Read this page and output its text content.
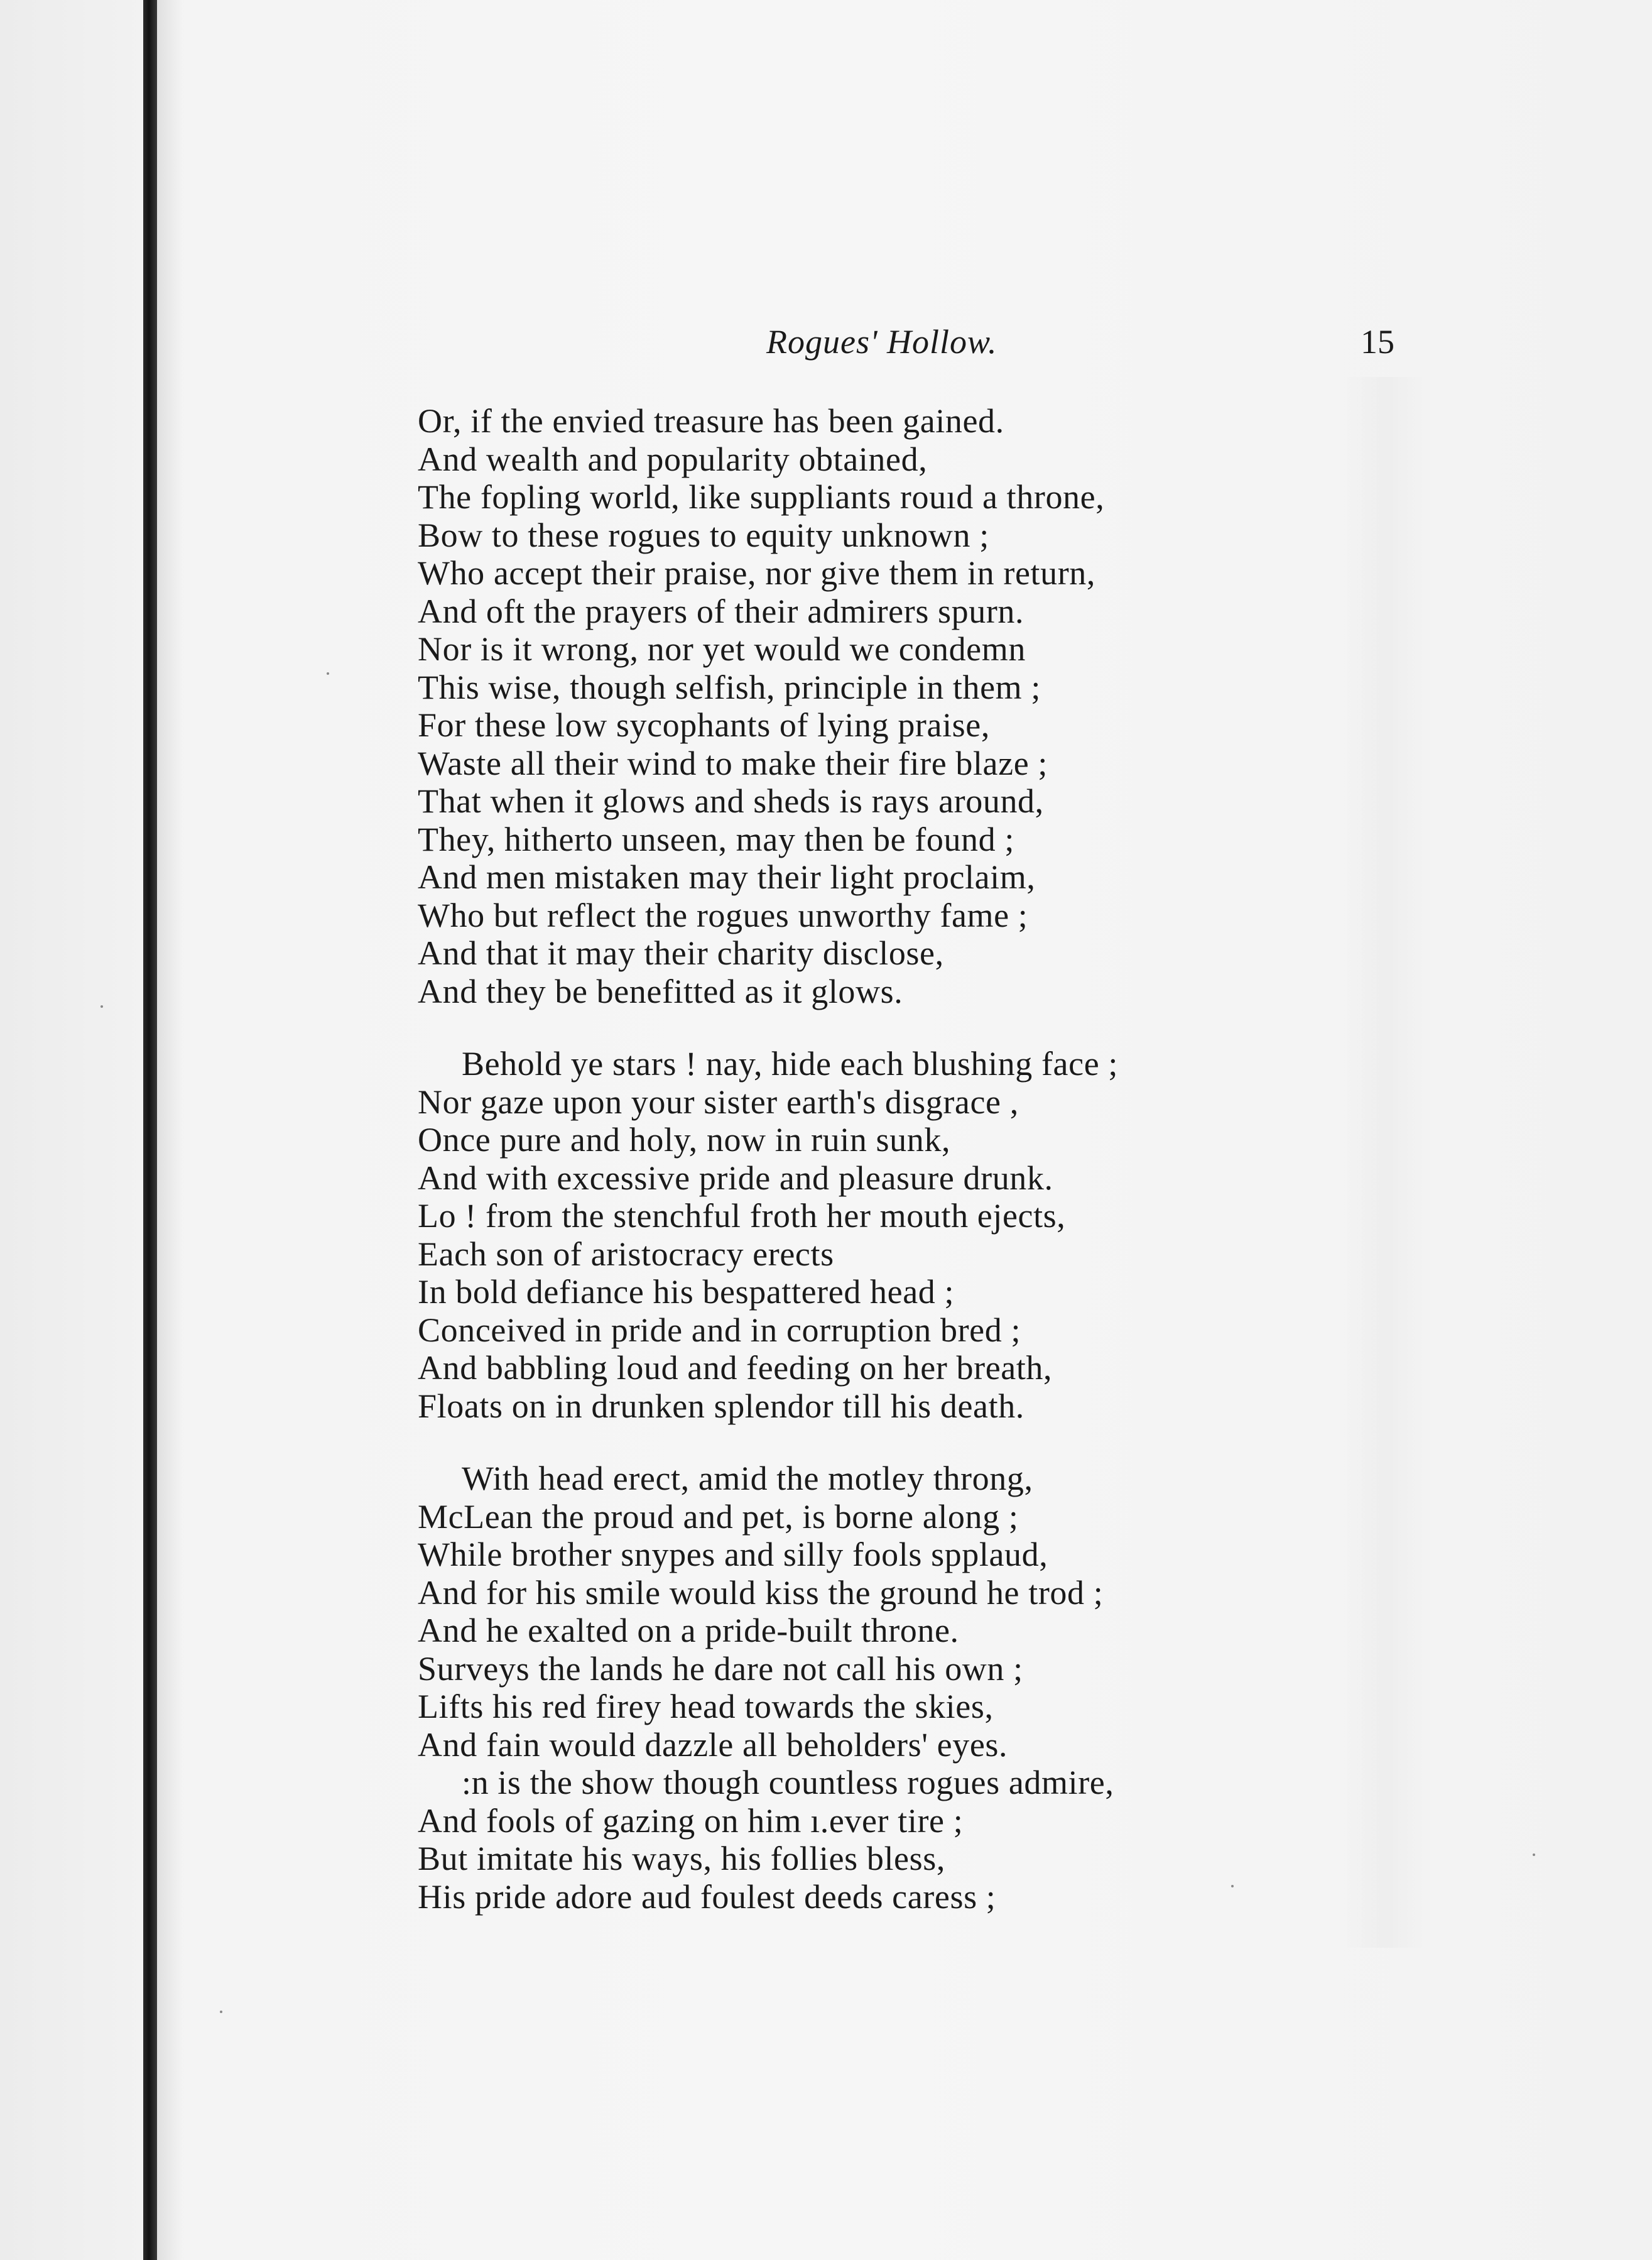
Rogues' Hollow.	15
Or, if the envied treasure has been gained.
And wealth and popularity obtained,
The fopling world, like suppliants rouıd a throne,
Bow to these rogues to equity unknown ;
Who accept their praise, nor give them in return,
And oft the prayers of their admirers spurn.
Nor is it wrong, nor yet would we condemn
This wise, though selfish, principle in them ;
For these low sycophants of lying praise,
Waste all their wind to make their fire blaze ;
That when it glows and sheds is rays around,
They, hitherto unseen, may then be found ;
And men mistaken may their light proclaim,
Who but reflect the rogues unworthy fame ;
And that it may their charity disclose,
And they be benefitted as it glows.
Behold ye stars ! nay, hide each blushing face ;
Nor gaze upon your sister earth's disgrace ,
Once pure and holy, now in ruin sunk,
And with excessive pride and pleasure drunk.
Lo ! from the stenchful froth her mouth ejects,
Each son of aristocracy erects
In bold defiance his bespattered head ;
Conceived in pride and in corruption bred ;
And babbling loud and feeding on her breath,
Floats on in drunken splendor till his death.
With head erect, amid the motley throng,
McLean the proud and pet, is borne along ;
While brother snypes and silly fools spplaud,
And for his smile would kiss the ground he trod ;
And he exalted on a pride-built throne.
Surveys the lands he dare not call his own ;
Lifts his red firey head towards the skies,
And fain would dazzle all beholders' eyes.
:n is the show though countless rogues admire,
And fools of gazing on him ı.ever tire ;
But imitate his ways, his follies bless,
His pride adore aud foulest deeds caress ;
